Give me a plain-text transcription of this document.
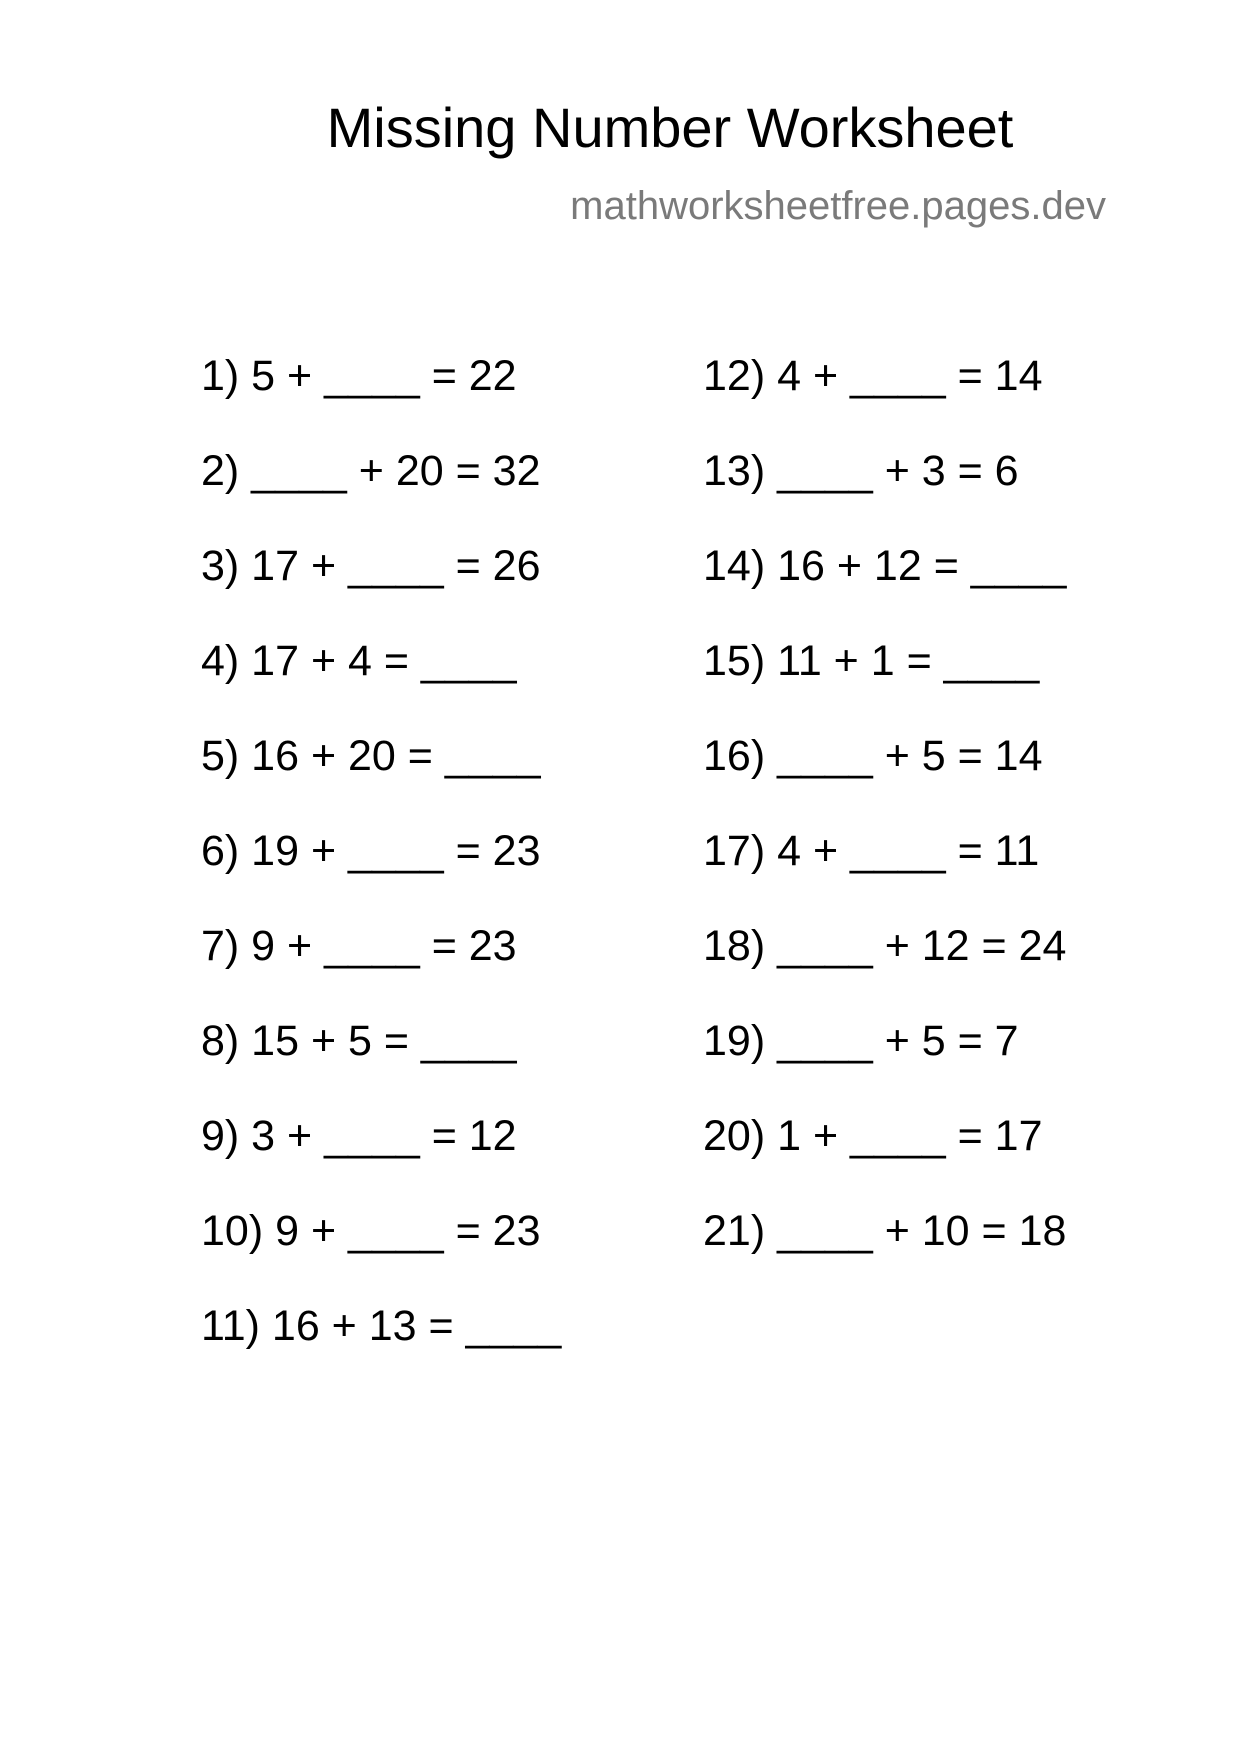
Missing Number Worksheet
mathworksheetfree.pages.dev
1) 5 + ____ = 22
2) ____ + 20 = 32
3) 17 + ____ = 26
4) 17 + 4 = ____
5) 16 + 20 = ____
6) 19 + ____ = 23
7) 9 + ____ = 23
8) 15 + 5 = ____
9) 3 + ____ = 12
10) 9 + ____ = 23
11) 16 + 13 = ____
12) 4 + ____ = 14
13) ____ + 3 = 6
14) 16 + 12 = ____
15) 11 + 1 = ____
16) ____ + 5 = 14
17) 4 + ____ = 11
18) ____ + 12 = 24
19) ____ + 5 = 7
20) 1 + ____ = 17
21) ____ + 10 = 18
